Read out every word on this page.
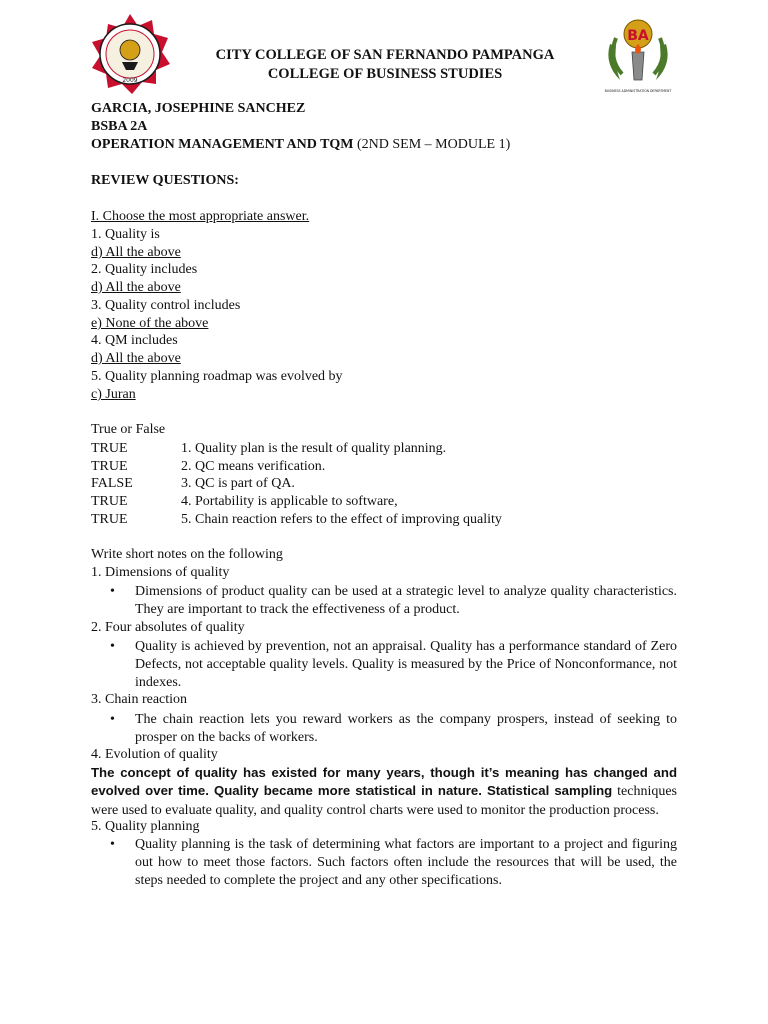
2009
BA
BUSINESS ADMINISTRATION DEPARTMENT
CITY COLLEGE OF SAN FERNANDO PAMPANGA
COLLEGE OF BUSINESS STUDIES
GARCIA, JOSEPHINE SANCHEZ
BSBA 2A
OPERATION MANAGEMENT AND TQM (2ND SEM – MODULE 1)
REVIEW QUESTIONS:
I. Choose the most appropriate answer.
1. Quality is
d) All the above
2. Quality includes
d) All the above
3. Quality control includes
e) None of the above
4. QM includes
d) All the above
5. Quality planning roadmap was evolved by
c) Juran
True or False
TRUE	1. Quality plan is the result of quality planning.
TRUE	2. QC means verification.
FALSE	3. QC is part of QA.
TRUE	4. Portability is applicable to software,
TRUE	5. Chain reaction refers to the effect of improving quality
Write short notes on the following
1. Dimensions of quality
• Dimensions of product quality can be used at a strategic level to analyze quality characteristics. They are important to track the effectiveness of a product.
2. Four absolutes of quality
• Quality is achieved by prevention, not an appraisal. Quality has a performance standard of Zero Defects, not acceptable quality levels. Quality is measured by the Price of Nonconformance, not indexes.
3. Chain reaction
• The chain reaction lets you reward workers as the company prospers, instead of seeking to prosper on the backs of workers.
4. Evolution of quality
The concept of quality has existed for many years, though it’s meaning has changed and evolved over time. Quality became more statistical in nature. Statistical sampling techniques were used to evaluate quality, and quality control charts were used to monitor the production process.
5. Quality planning
• Quality planning is the task of determining what factors are important to a project and figuring out how to meet those factors. Such factors often include the resources that will be used, the steps needed to complete the project and any other specifications.
